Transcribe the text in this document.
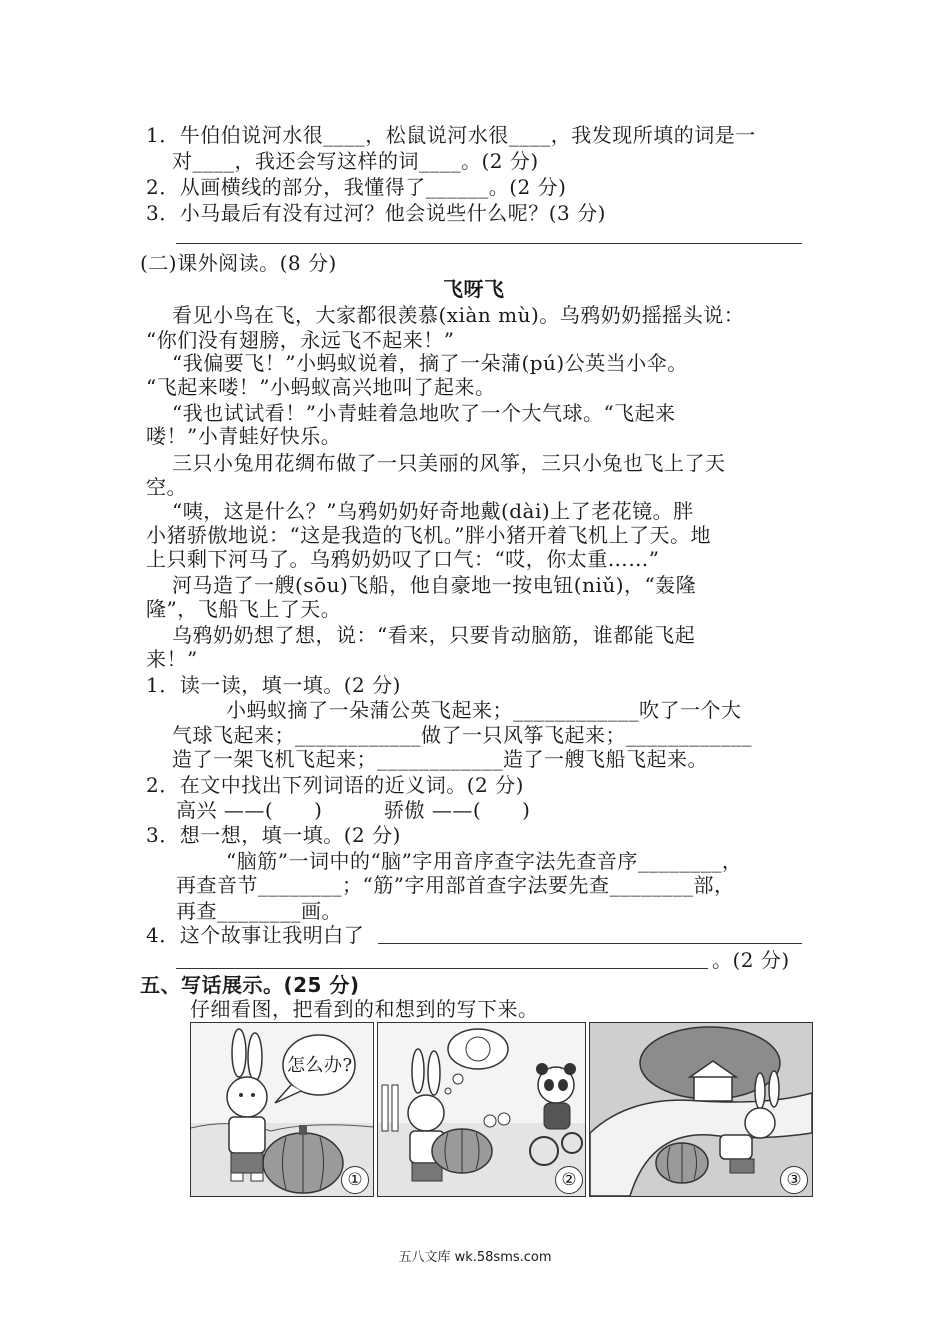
1．牛伯伯说河水很____，松鼠说河水很____，我发现所填的词是一
对____，我还会写这样的词____。(2 分)
2．从画横线的部分，我懂得了______。(2 分)
3．小马最后有没有过河？他会说些什么呢？(3 分)
(二)课外阅读。(8 分)
飞呀飞
看见小鸟在飞，大家都很羡慕(xiàn mù)。乌鸦奶奶摇摇头说：
“你们没有翅膀，永远飞不起来！”
“我偏要飞！”小蚂蚁说着，摘了一朵蒲(pú)公英当小伞。
“飞起来喽！”小蚂蚁高兴地叫了起来。
“我也试试看！”小青蛙着急地吹了一个大气球。“飞起来
喽！”小青蛙好快乐。
三只小兔用花绸布做了一只美丽的风筝，三只小兔也飞上了天
空。
“咦，这是什么？”乌鸦奶奶好奇地戴(dài)上了老花镜。胖
小猪骄傲地说：“这是我造的飞机。”胖小猪开着飞机上了天。地
上只剩下河马了。乌鸦奶奶叹了口气：“哎，你太重……”
河马造了一艘(sōu)飞船，他自豪地一按电钮(niǔ)，“轰隆
隆”，飞船飞上了天。
乌鸦奶奶想了想，说：“看来，只要肯动脑筋，谁都能飞起
来！”
1．读一读，填一填。(2 分)
小蚂蚁摘了一朵蒲公英飞起来；____________吹了一个大
气球飞起来；____________做了一只风筝飞起来；____________
造了一架飞机飞起来；____________造了一艘飞船飞起来。
2．在文中找出下列词语的近义词。(2 分)
高兴 ——(　　)　　　骄傲 ——(　　)
3．想一想，填一填。(2 分)
“脑筋”一词中的“脑”字用音序查字法先查音序________，
再查音节________；“筋”字用部首查字法要先查________部，
再查________画。
4．这个故事让我明白了
。(2 分)
五、写话展示。(25 分)
仔细看图，把看到的和想到的写下来。
怎么办?
①	②	③
五八文库 wk.58sms.com
